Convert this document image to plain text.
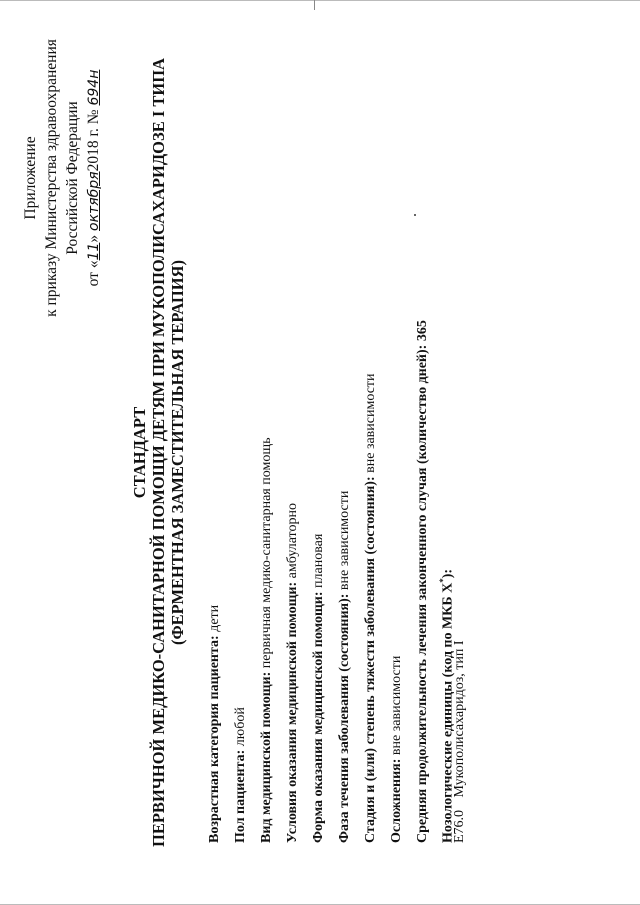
Приложение к приказу Министерства здравоохранения Российской Федерации
от «11» октября2018 г. № 694н
СТАНДАРТ ПЕРВИЧНОЙ МЕДИКО-САНИТАРНОЙ ПОМОЩИ ДЕТЯМ ПРИ МУКОПОЛИСАХАРИДОЗЕ I ТИПА (ФЕРМЕНТНАЯ ЗАМЕСТИТЕЛЬНАЯ ТЕРАПИЯ)
Возрастная категория пациента: дети
Пол пациента: любой Вид медицинской помощи: первичная медико-санитарная помощь
Условия оказания медицинской помощи: амбулаторно
Форма оказания медицинской помощи: плановая
Фаза течения заболевания (состояния): вне зависимости Стадия и (или) степень тяжести заболевания (состояния): вне зависимости
Осложнения: вне зависимости Средняя продолжительность лечения законченного случая (количество дней): 365
Нозологические единицы (код по МКБ X*):
E76.0 Мукополисахаридоз, тип I
